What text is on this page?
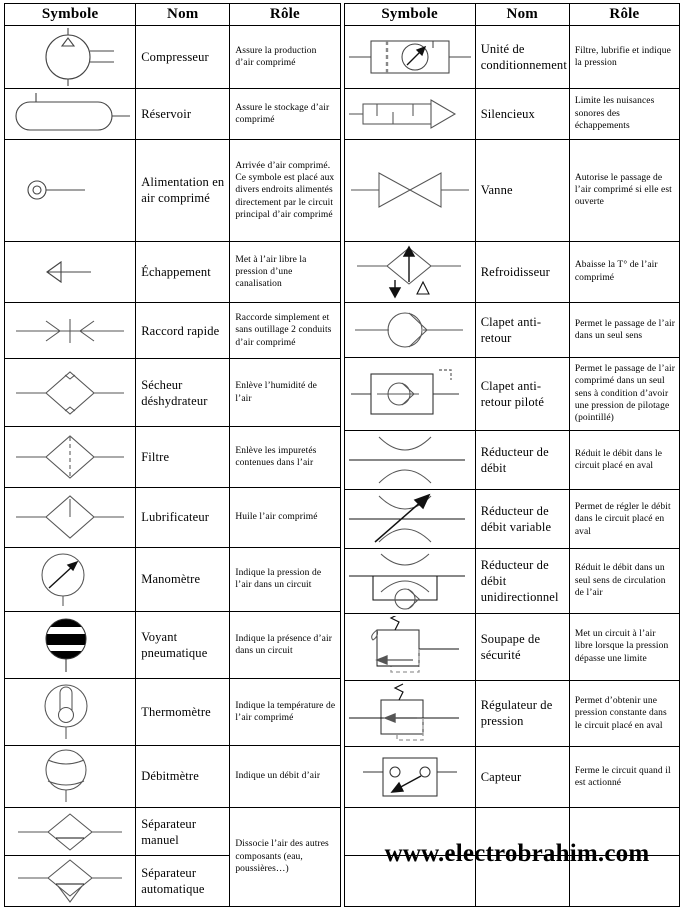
Symbole	Nom	Rôle

	Compresseur	Assure la production d’air comprimé

	Réservoir	Assure le stockage d’air comprimé

	Alimentation en air comprimé	Arrivée d’air comprimé. Ce symbole est placé aux divers endroits alimentés directement par le circuit principal d’air comprimé

	Échappement	Met à l’air libre la pression d’une canalisation

	Raccord rapide	Raccorde simplement et sans outillage 2 conduits d’air comprimé

	Sécheur déshydrateur	Enlève l’humidité de l’air

	Filtre	Enlève les impuretés contenues dans l’air

	Lubrificateur	Huile l’air comprimé

	Manomètre	Indique la pression de l’air dans un circuit

	Voyant pneumatique	Indique la présence d’air dans un circuit

	Thermomètre	Indique la température de l’air comprimé

	Débitmètre	Indique un débit d’air

	Séparateur manuel	Dissocie l’air des autres composants (eau, poussières…)

	Séparateur automatique	
Symbole	Nom	Rôle

	Unité de conditionnement	Filtre, lubrifie et indique la pression

	Silencieux	Limite les nuisances sonores des échappements

	Vanne	Autorise le passage de l’air comprimé si elle est ouverte

	Refroidisseur	Abaisse la T° de l’air comprimé

	Clapet anti-retour	Permet le passage de l’air dans un seul sens

	Clapet anti-retour piloté	Permet le passage de l’air comprimé dans un seul sens à condition d’avoir une pression de pilotage (pointillé)

	Réducteur de débit	Réduit le débit dans le circuit placé en aval

	Réducteur de débit variable	Permet de régler le débit dans le circuit placé en aval

	Réducteur de débit unidirectionnel	Réduit le débit dans un seul sens de circulation de l’air

	Soupape de sécurité	Met un circuit à l’air libre lorsque la pression dépasse une limite

	Régulateur de pression	Permet d’obtenir une pression constante dans le circuit placé en aval

	Capteur	Ferme le circuit quand il est actionné

www.electrobrahim.com
